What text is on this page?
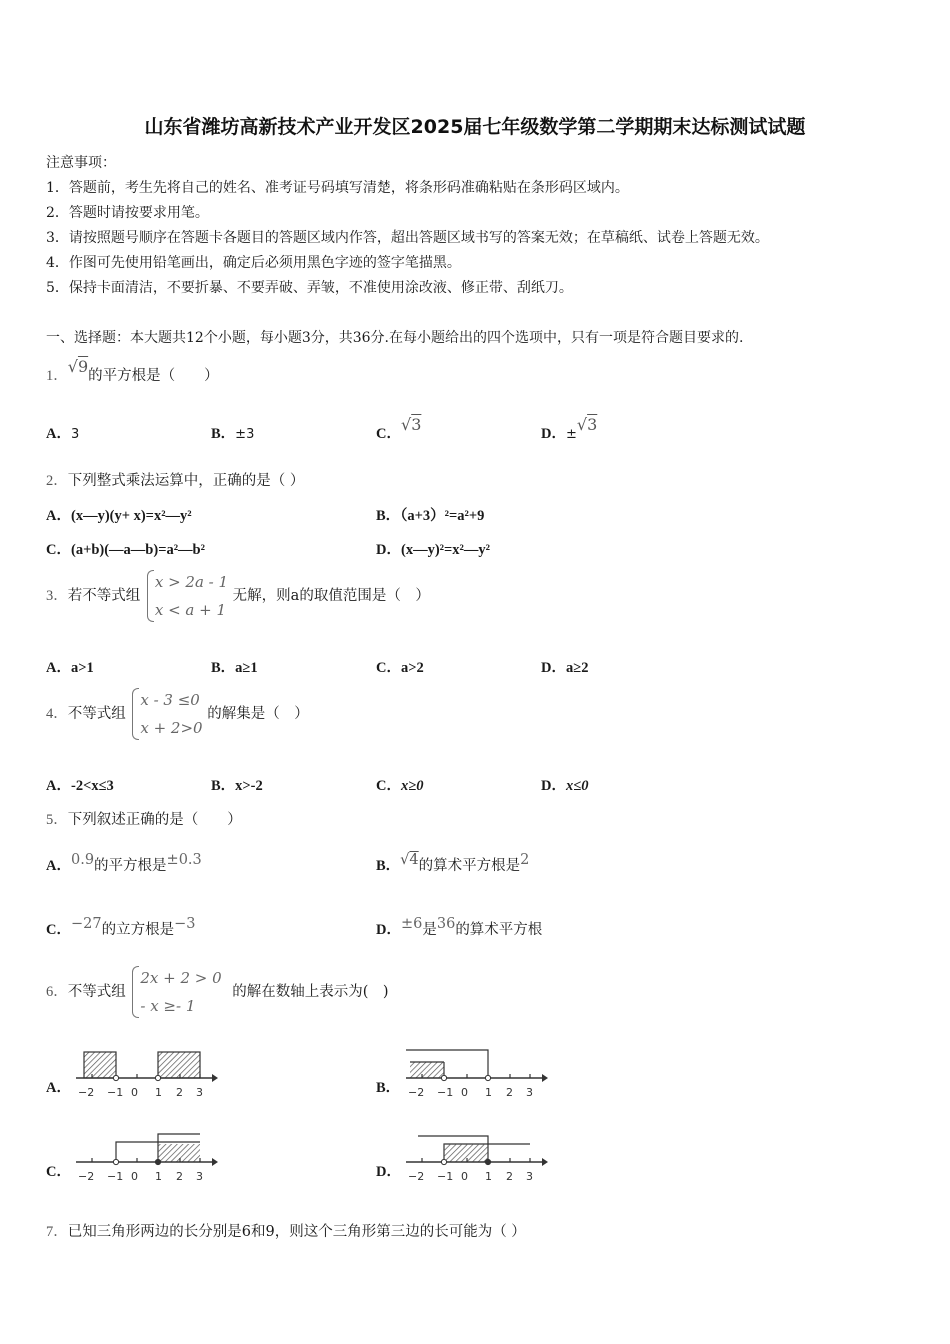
山东省潍坊高新技术产业开发区2025届七年级数学第二学期期末达标测试试题
注意事项：
1．答题前，考生先将自己的姓名、准考证号码填写清楚，将条形码准确粘贴在条形码区域内。
2．答题时请按要求用笔。
3．请按照题号顺序在答题卡各题目的答题区域内作答，超出答题区域书写的答案无效；在草稿纸、试卷上答题无效。
4．作图可先使用铅笔画出，确定后必须用黑色字迹的签字笔描黑。
5．保持卡面清洁，不要折暴、不要弄破、弄皱，不准使用涂改液、修正带、刮纸刀。
一、选择题：本大题共12个小题，每小题3分，共36分.在每小题给出的四个选项中，只有一项是符合题目要求的.
1．√9的平方根是（　　）
A．3	B．±3	C．√3	D．±√3
2．下列整式乘法运算中，正确的是（ ）
A．(x—y)(y+ x)=x²—y²	B．（a+3）²=a²+9
C．(a+b)(—a—b)=a²—b²	D．(x—y)²=x²—y²
3．若不等式组
x > 2a - 1
x < a + 1
无解，则a的取值范围是（　）
A．a>1	B．a≥1	C．a>2	D．a≥2
4．不等式组
x - 3 ≤0
x + 2>0
的解集是（　）
A．-2<x≤3	B．x>-2	C．x≥0	D．x≤0
5．下列叙述正确的是（　　）
A．0.9的平方根是±0.3	B．√4的算术平方根是2
C．−27的立方根是−3	D．±6是36的算术平方根
6．不等式组
2x + 2 > 0
- x ≥- 1
的解在数轴上表示为(　)
A．	B．
C．	D．
−2 −1 0 1 2 3	−2 −1 0 1 2 3
−2 −1 0 1 2 3	−2 −1 0 1 2 3
7．已知三角形两边的长分别是6和9，则这个三角形第三边的长可能为（ ）
